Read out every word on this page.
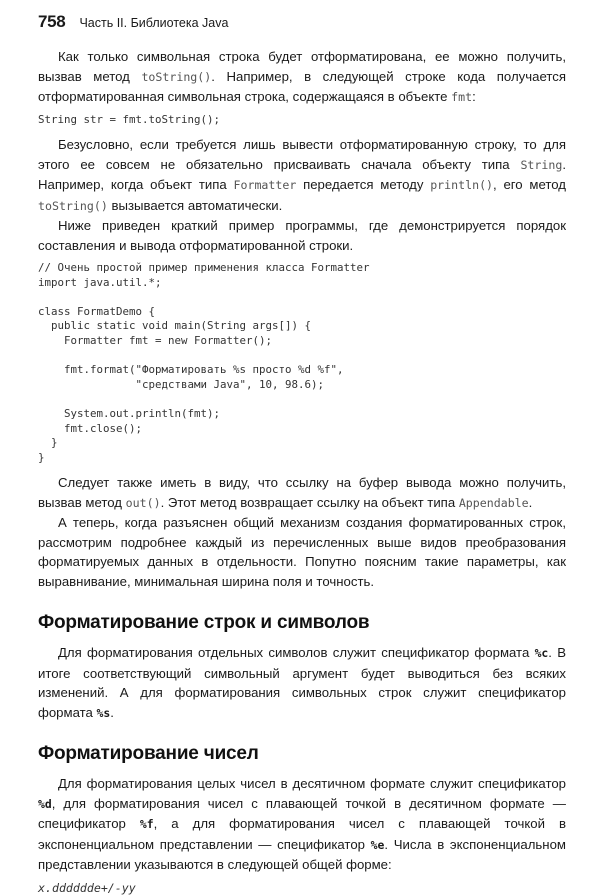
758 Часть II. Библиотека Java

Как только символьная строка будет отформатирована, ее можно получить, вызвав метод toString(). Например, в следующей строке кода получается отформатированная символьная строка, содержащаяся в объекте fmt:

String str = fmt.toString();

Безусловно, если требуется лишь вывести отформатированную строку, то для этого ее совсем не обязательно присваивать сначала объекту типа String. Например, когда объект типа Formatter передается методу println(), его метод toString() вызывается автоматически.

Ниже приведен краткий пример программы, где демонстрируется порядок составления и вывода отформатированной строки.

// Очень простой пример применения класса Formatter
import java.util.*;

class FormatDemo {
public static void main(String args[]) {
Formatter fmt = new Formatter();

fmt.format("Форматировать %s просто %d %f",
"средствами Java", 10, 98.6);

System.out.println(fmt);
fmt.close();
}
}

Следует также иметь в виду, что ссылку на буфер вывода можно получить, вызвав метод out(). Этот метод возвращает ссылку на объект типа Appendable.

А теперь, когда разъяснен общий механизм создания форматированных строк, рассмотрим подробнее каждый из перечисленных выше видов преобразования форматируемых данных в отдельности. Попутно поясним такие параметры, как выравнивание, минимальная ширина поля и точность.

Форматирование строк и символов

Для форматирования отдельных символов служит спецификатор формата %c. В итоге соответствующий символьный аргумент будет выводиться без всяких изменений. А для форматирования символьных строк служит спецификатор формата %s.

Форматирование чисел

Для форматирования целых чисел в десятичном формате служит спецификатор %d, для форматирования чисел с плавающей точкой в десятичном формате — спецификатор %f, а для форматирования чисел с плавающей точкой в экспоненциальном представлении — спецификатор %e. Числа в экспоненциальном представлении указываются в следующей общей форме:

x.dddddde+/-yy
